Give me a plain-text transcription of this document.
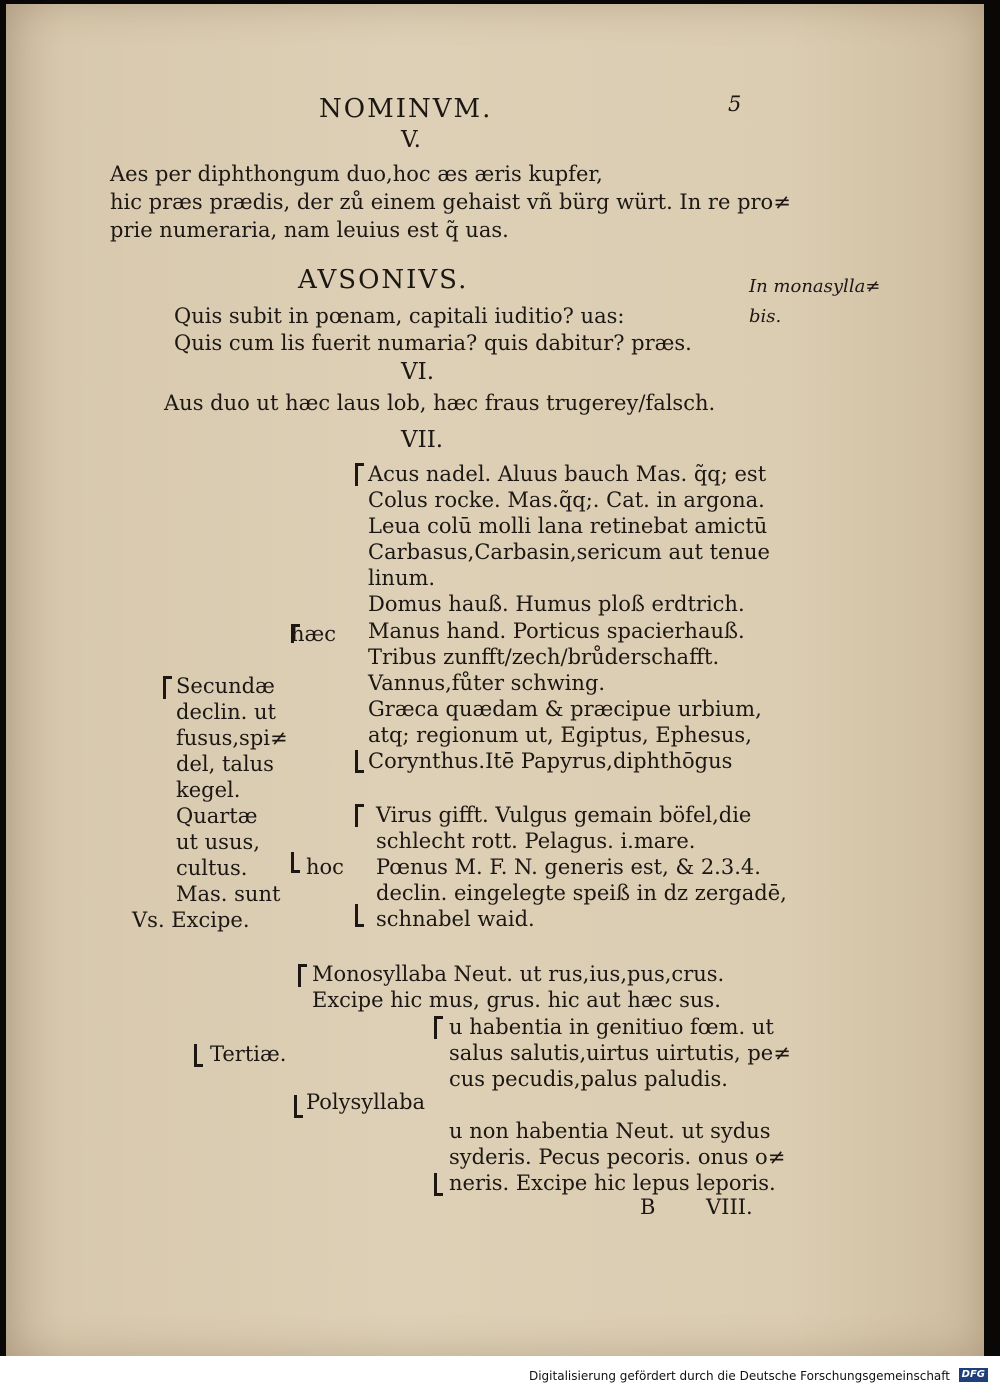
NOMINVM.	5
V.
Aes per diphthongum duo,hoc æs æris kupfer,
hic præs prædis, der zů einem gehaist vñ bürg würt. In re pro≠
prie numeraria, nam leuius est q̃ uas.
AVSONIVS.
Quis subit in pœnam, capitali iuditio? uas:
Quis cum lis fuerit numaria? quis dabitur? præs.
In monasylla≠
bis.
VI.
Aus duo ut hæc laus lob, hæc fraus trugerey/falsch.
VII.
hæc
Acus nadel. Aluus bauch Mas. q̃q; est
Colus rocke. Mas.q̃q;. Cat. in argona.
Leua colū molli lana retinebat amictū
Carbasus,Carbasin,sericum aut tenue
linum.
Domus hauß. Humus ploß erdtrich.
Manus hand. Porticus spacierhauß.
Tribus zunfft/zech/brůderschafft.
Vannus,fůter schwing.
Græca quædam & præcipue urbium,
atq; regionum ut, Egiptus, Ephesus,
Corynthus.Itē Papyrus,diphthōgus
hoc
Virus gifft. Vulgus gemain böfel,die
schlecht rott. Pelagus. i.mare.
Pœnus M. F. N. generis est, & 2.3.4.
declin. eingelegte speiß in dz zergadē,
schnabel waid.
Secundæ
declin. ut
fusus,spi≠
del, talus
kegel.
Quartæ
ut usus,
cultus.
Mas. sunt
Vs. Excipe.
Monosyllaba Neut. ut rus,ius,pus,crus.
Excipe hic mus, grus. hic aut hæc sus.
Tertiæ.
u habentia in genitiuo fœm. ut
salus salutis,uirtus uirtutis, pe≠
cus pecudis,palus paludis.
Polysyllaba
u non habentia Neut. ut sydus
syderis. Pecus pecoris. onus o≠
neris. Excipe hic lepus leporis.
B VIII.
Digitalisierung gefördert durch die Deutsche Forschungsgemeinschaft	DFG
